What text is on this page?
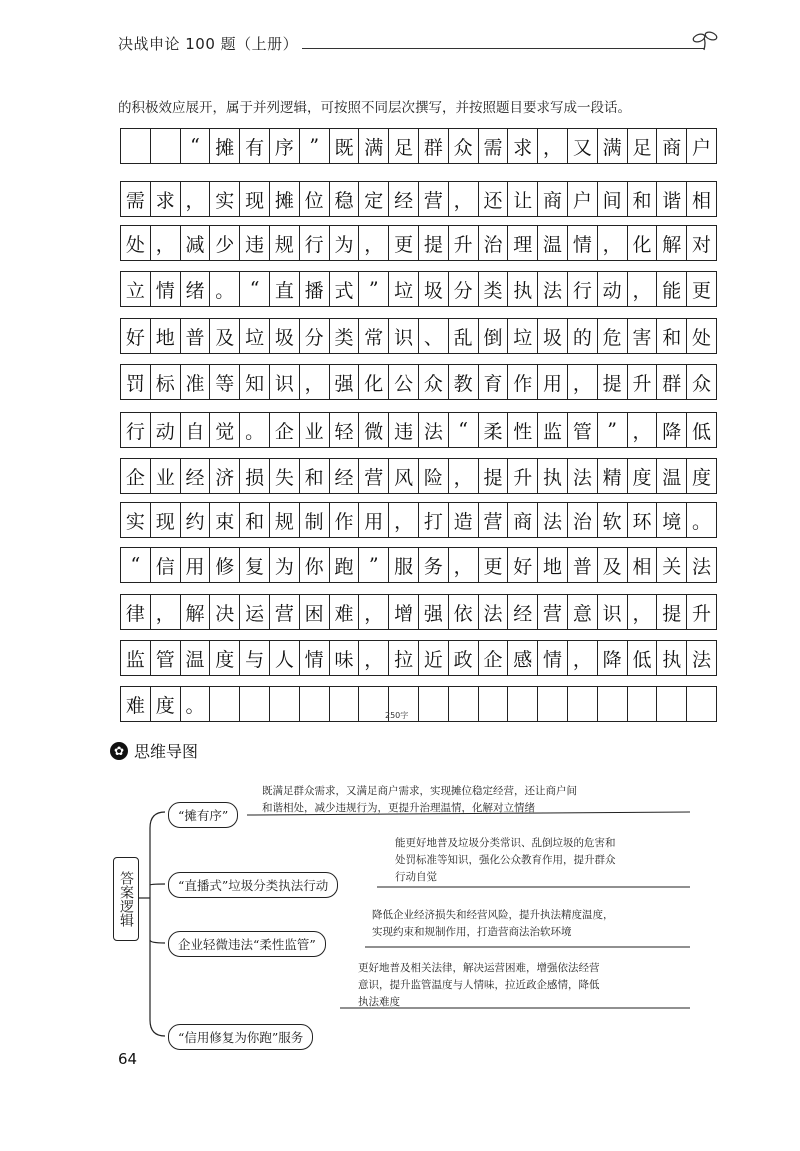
决战申论 100 题（上册）
的积极效应展开，属于并列逻辑，可按照不同层次撰写，并按照题目要求写成一段话。
“ 摊 有 序 ” 既 满 足 群 众 需 求 ， 又 满 足 商 户
需 求 ， 实 现 摊 位 稳 定 经 营 ， 还 让 商 户 间 和 谐 相
处 ， 减 少 违 规 行 为 ， 更 提 升 治 理 温 情 ， 化 解 对
立 情 绪 。 “ 直 播 式 ” 垃 圾 分 类 执 法 行 动 ， 能 更
好 地 普 及 垃 圾 分 类 常 识 、 乱 倒 垃 圾 的 危 害 和 处
罚 标 准 等 知 识 ， 强 化 公 众 教 育 作 用 ， 提 升 群 众
行 动 自 觉 。 企 业 轻 微 违 法 “ 柔 性 监 管 ” ， 降 低
企 业 经 济 损 失 和 经 营 风 险 ， 提 升 执 法 精 度 温 度
实 现 约 束 和 规 制 作 用 ， 打 造 营 商 法 治 软 环 境 。
“ 信 用 修 复 为 你 跑 ” 服 务 ， 更 好 地 普 及 相 关 法
律 ， 解 决 运 营 困 难 ， 增 强 依 法 经 营 意 识 ， 提 升
监 管 温 度 与 人 情 味 ， 拉 近 政 企 感 情 ， 降 低 执 法
难 度 。	250字
✿ 思维导图
答案逻辑
“摊有序”
既满足群众需求，又满足商户需求，实现摊位稳定经营，还让商户间
和谐相处，减少违规行为，更提升治理温情，化解对立情绪
“直播式”垃圾分类执法行动
能更好地普及垃圾分类常识、乱倒垃圾的危害和
处罚标准等知识，强化公众教育作用，提升群众
行动自觉
企业轻微违法“柔性监管”
降低企业经济损失和经营风险，提升执法精度温度，
实现约束和规制作用，打造营商法治软环境
“信用修复为你跑”服务
更好地普及相关法律，解决运营困难，增强依法经营
意识，提升监管温度与人情味，拉近政企感情，降低
执法难度
64
